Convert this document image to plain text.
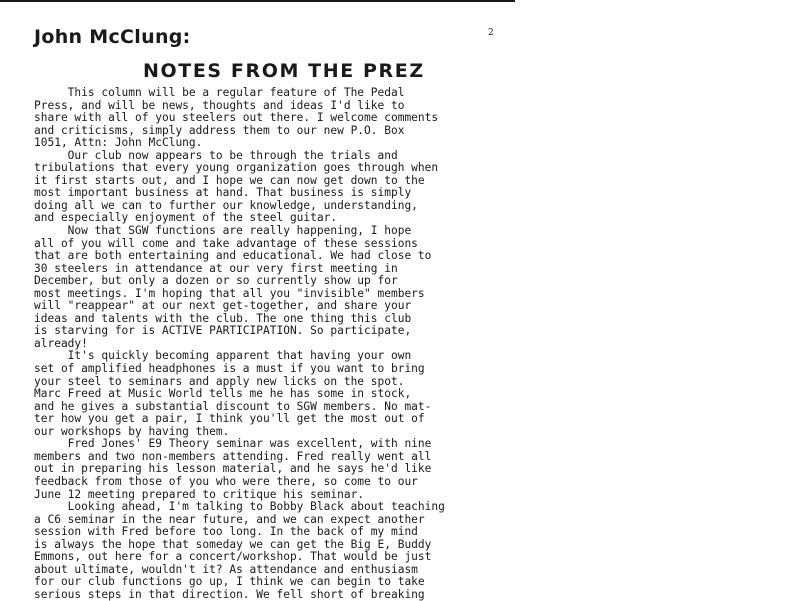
John McClung:	2
NOTES FROM THE PREZ
This column will be a regular feature of The Pedal
Press, and will be news, thoughts and ideas I'd like to
share with all of you steelers out there. I welcome comments
and criticisms, simply address them to our new P.O. Box
1051, Attn: John McClung.
Our club now appears to be through the trials and
tribulations that every young organization goes through when
it first starts out, and I hope we can now get down to the
most important business at hand. That business is simply
doing all we can to further our knowledge, understanding,
and especially enjoyment of the steel guitar.
Now that SGW functions are really happening, I hope
all of you will come and take advantage of these sessions
that are both entertaining and educational. We had close to
30 steelers in attendance at our very first meeting in
December, but only a dozen or so currently show up for
most meetings. I'm hoping that all you "invisible" members
will "reappear" at our next get-together, and share your
ideas and talents with the club. The one thing this club
is starving for is ACTIVE PARTICIPATION. So participate,
already!
It's quickly becoming apparent that having your own
set of amplified headphones is a must if you want to bring
your steel to seminars and apply new licks on the spot.
Marc Freed at Music World tells me he has some in stock,
and he gives a substantial discount to SGW members. No mat-
ter how you get a pair, I think you'll get the most out of
our workshops by having them.
Fred Jones' E9 Theory seminar was excellent, with nine
members and two non-members attending. Fred really went all
out in preparing his lesson material, and he says he'd like
feedback from those of you who were there, so come to our
June 12 meeting prepared to critique his seminar.
Looking ahead, I'm talking to Bobby Black about teaching
a C6 seminar in the near future, and we can expect another
session with Fred before too long. In the back of my mind
is always the hope that someday we can get the Big E, Buddy
Emmons, out here for a concert/workshop. That would be just
about ultimate, wouldn't it? As attendance and enthusiasm
for our club functions go up, I think we can begin to take
serious steps in that direction. We fell short of breaking
